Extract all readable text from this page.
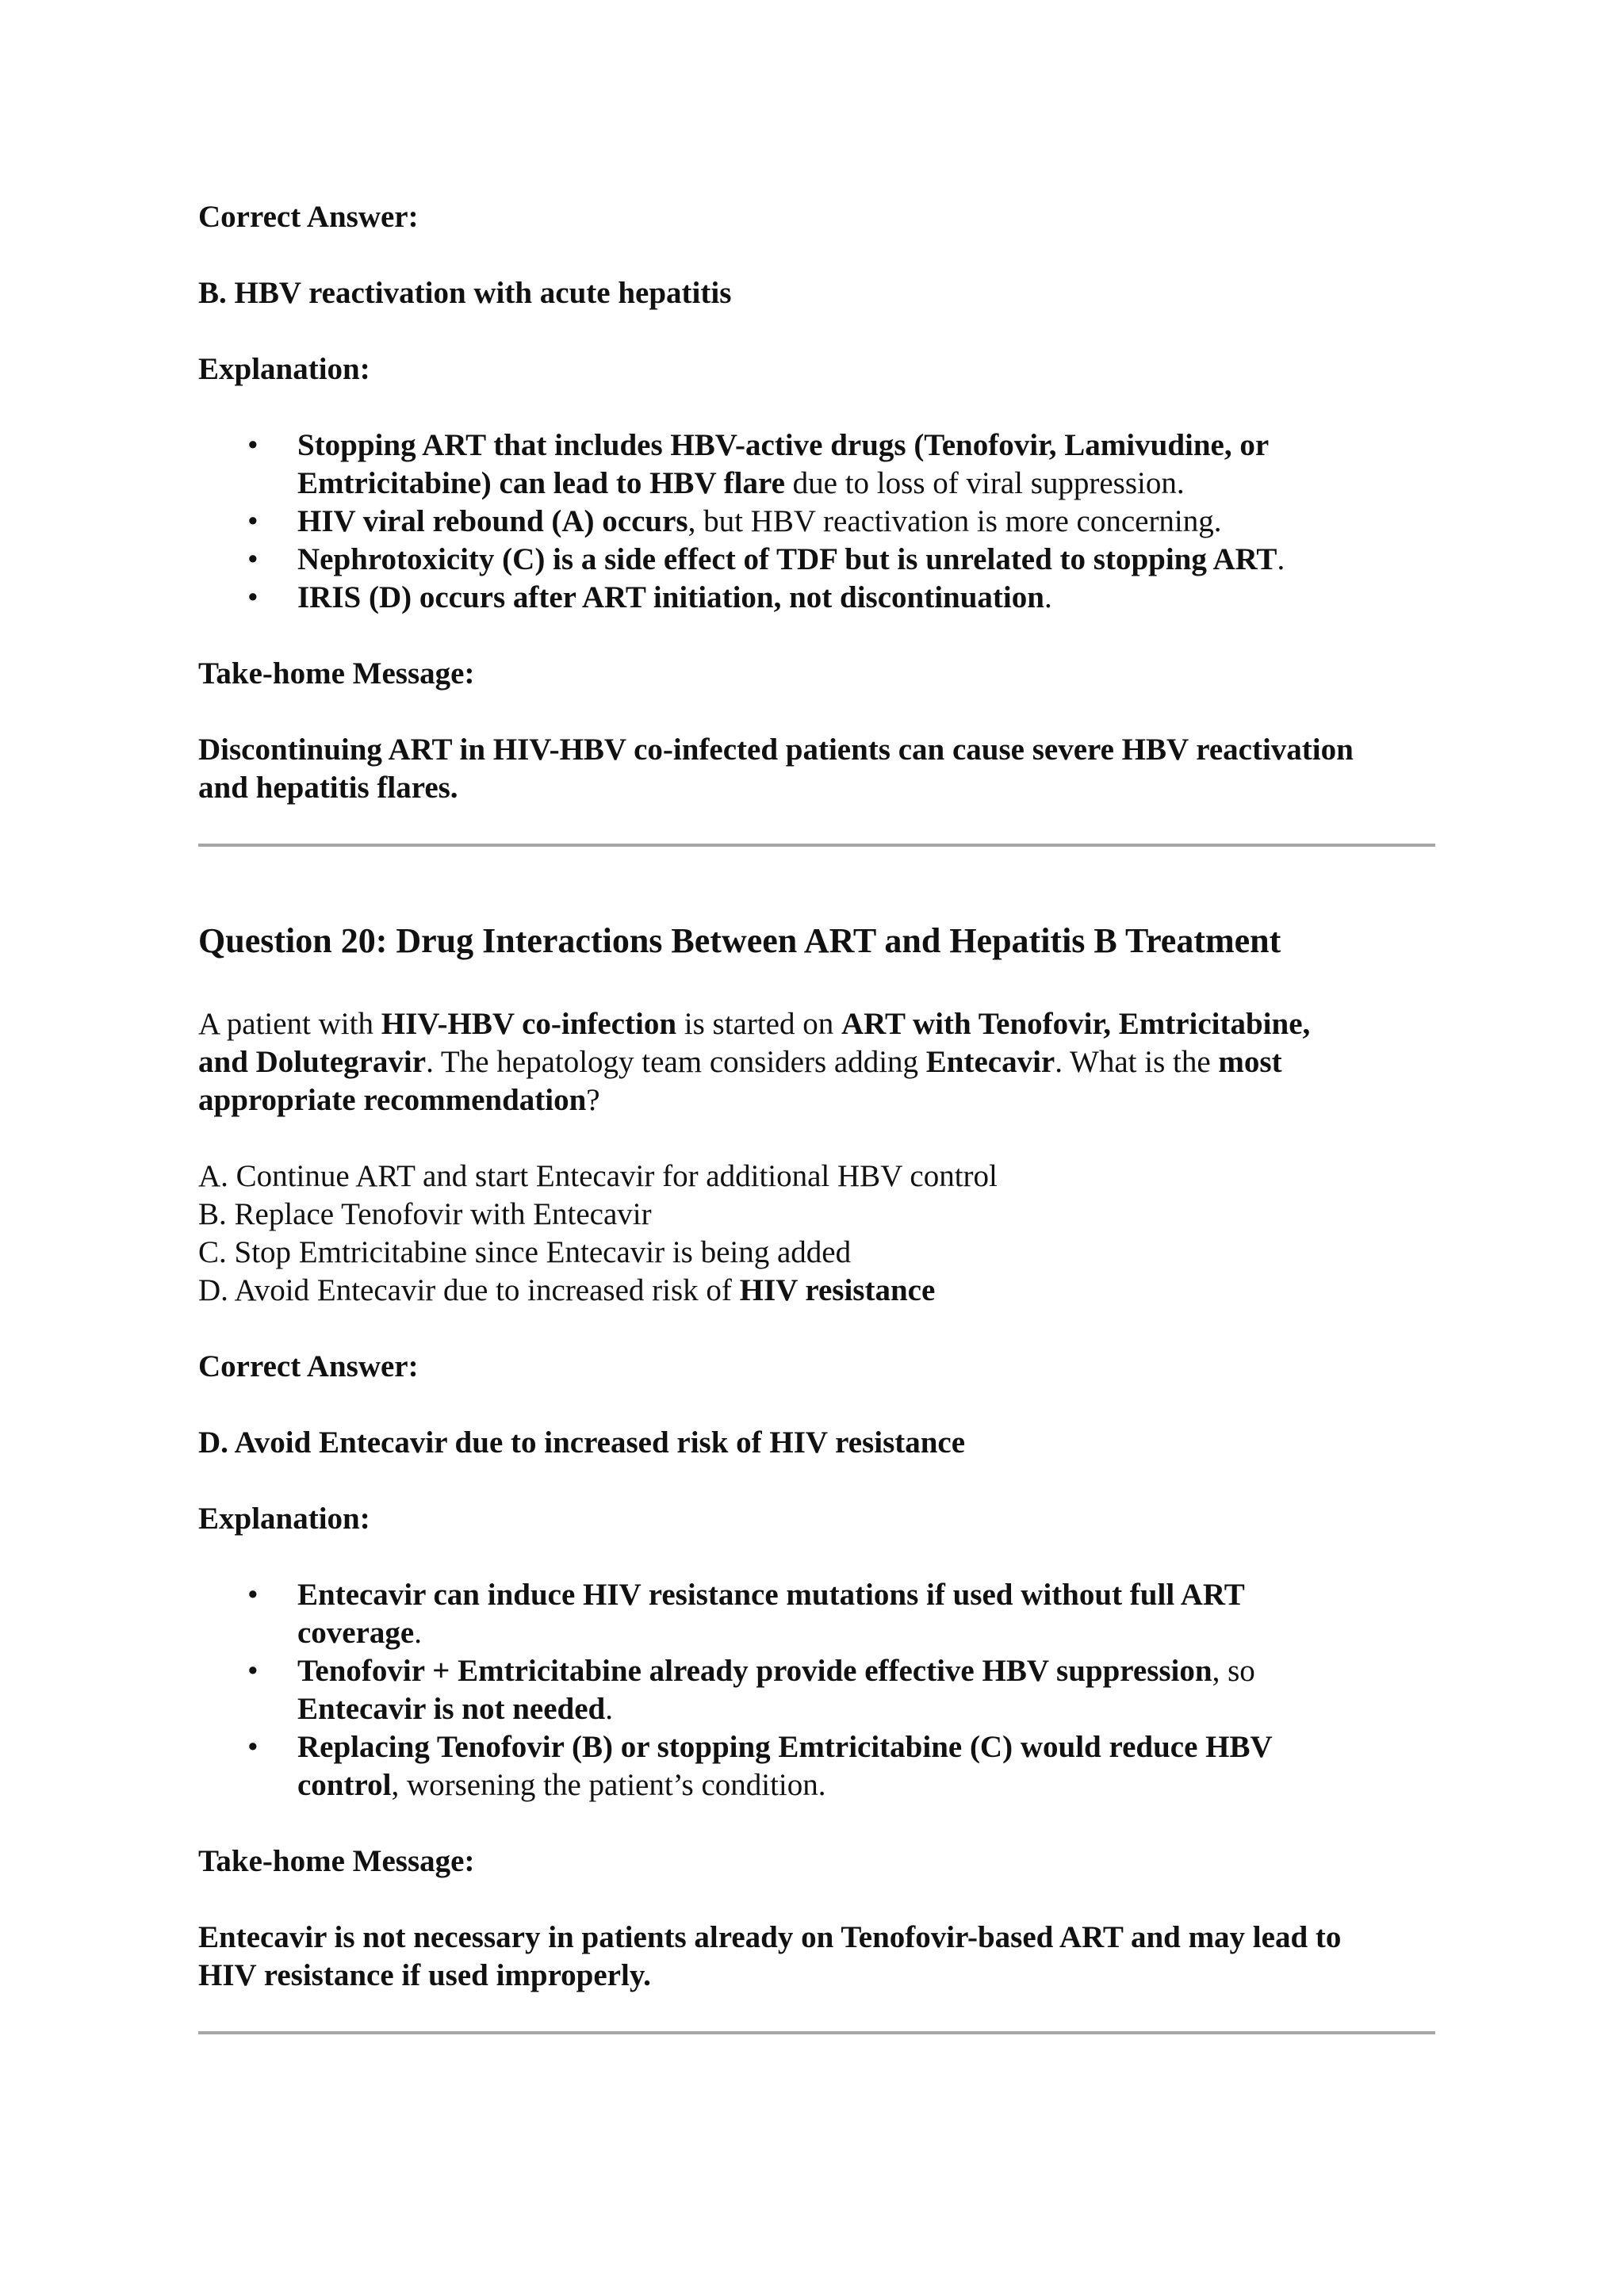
Correct Answer:
B. HBV reactivation with acute hepatitis
Explanation:
• Stopping ART that includes HBV-active drugs (Tenofovir, Lamivudine, or
Emtricitabine) can lead to HBV flare due to loss of viral suppression.
• HIV viral rebound (A) occurs, but HBV reactivation is more concerning.
• Nephrotoxicity (C) is a side effect of TDF but is unrelated to stopping ART.
• IRIS (D) occurs after ART initiation, not discontinuation.
Take-home Message:
Discontinuing ART in HIV-HBV co-infected patients can cause severe HBV reactivation
and hepatitis flares.
Question 20: Drug Interactions Between ART and Hepatitis B Treatment
A patient with HIV-HBV co-infection is started on ART with Tenofovir, Emtricitabine,
and Dolutegravir. The hepatology team considers adding Entecavir. What is the most
appropriate recommendation?
A. Continue ART and start Entecavir for additional HBV control
B. Replace Tenofovir with Entecavir
C. Stop Emtricitabine since Entecavir is being added
D. Avoid Entecavir due to increased risk of HIV resistance
Correct Answer:
D. Avoid Entecavir due to increased risk of HIV resistance
Explanation:
• Entecavir can induce HIV resistance mutations if used without full ART
coverage.
• Tenofovir + Emtricitabine already provide effective HBV suppression, so
Entecavir is not needed.
• Replacing Tenofovir (B) or stopping Emtricitabine (C) would reduce HBV
control, worsening the patient’s condition.
Take-home Message:
Entecavir is not necessary in patients already on Tenofovir-based ART and may lead to
HIV resistance if used improperly.
